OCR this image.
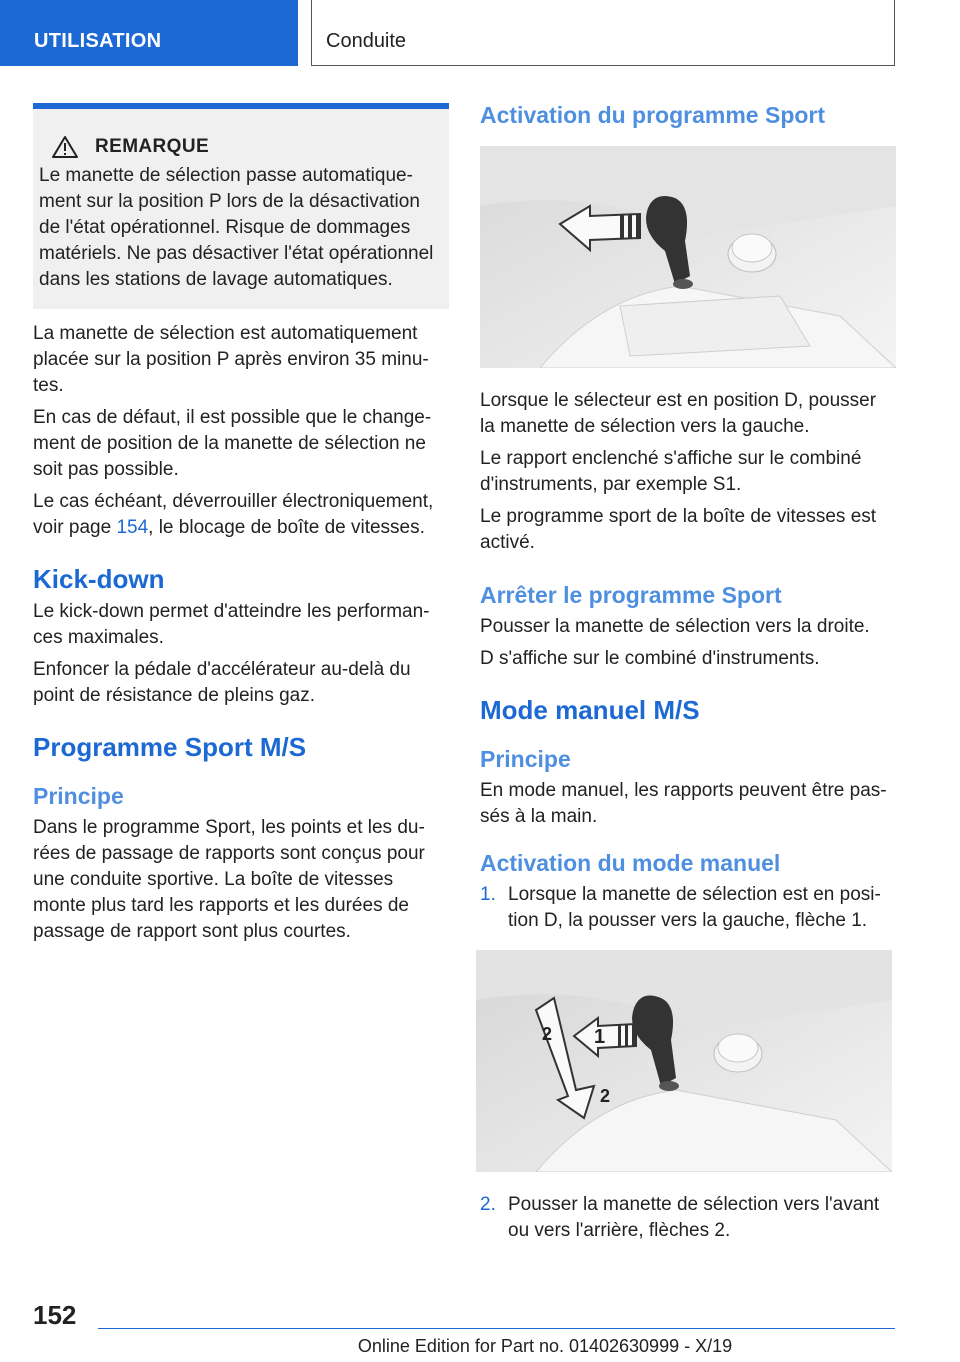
UTILISATION	Conduite
REMARQUE

Le manette de sélection passe automatique-ment sur la position P lors de la désactivation de l'état opérationnel. Risque de dommages matériels. Ne pas désactiver l'état opérationnel dans les stations de lavage automatiques.

La manette de sélection est automatiquement placée sur la position P après environ 35 minu-tes.

En cas de défaut, il est possible que le change-ment de position de la manette de sélection ne soit pas possible.

Le cas échéant, déverrouiller électroniquement, voir page 154, le blocage de boîte de vitesses.

Kick-down

Le kick-down permet d'atteindre les performan-ces maximales.

Enfoncer la pédale d'accélérateur au-delà du point de résistance de pleins gaz.

Programme Sport M/S
Principe

Dans le programme Sport, les points et les du-rées de passage de rapports sont conçus pour une conduite sportive. La boîte de vitesses monte plus tard les rapports et les durées de passage de rapport sont plus courtes.

Activation du programme Sport

Lorsque le sélecteur est en position D, pousser la manette de sélection vers la gauche.

Le rapport enclenché s'affiche sur le combiné d'instruments, par exemple S1.

Le programme sport de la boîte de vitesses est activé.

Arrêter le programme Sport

Pousser la manette de sélection vers la droite.

D s'affiche sur le combiné d'instruments.

Mode manuel M/S
Principe

En mode manuel, les rapports peuvent être pas-sés à la main.

Activation du mode manuel
1. Lorsque la manette de sélection est en posi-tion D, la pousser vers la gauche, flèche 1.
1
2
2
2. Pousser la manette de sélection vers l'avant ou vers l'arrière, flèches 2.
152
Online Edition for Part no. 01402630999 - X/19
